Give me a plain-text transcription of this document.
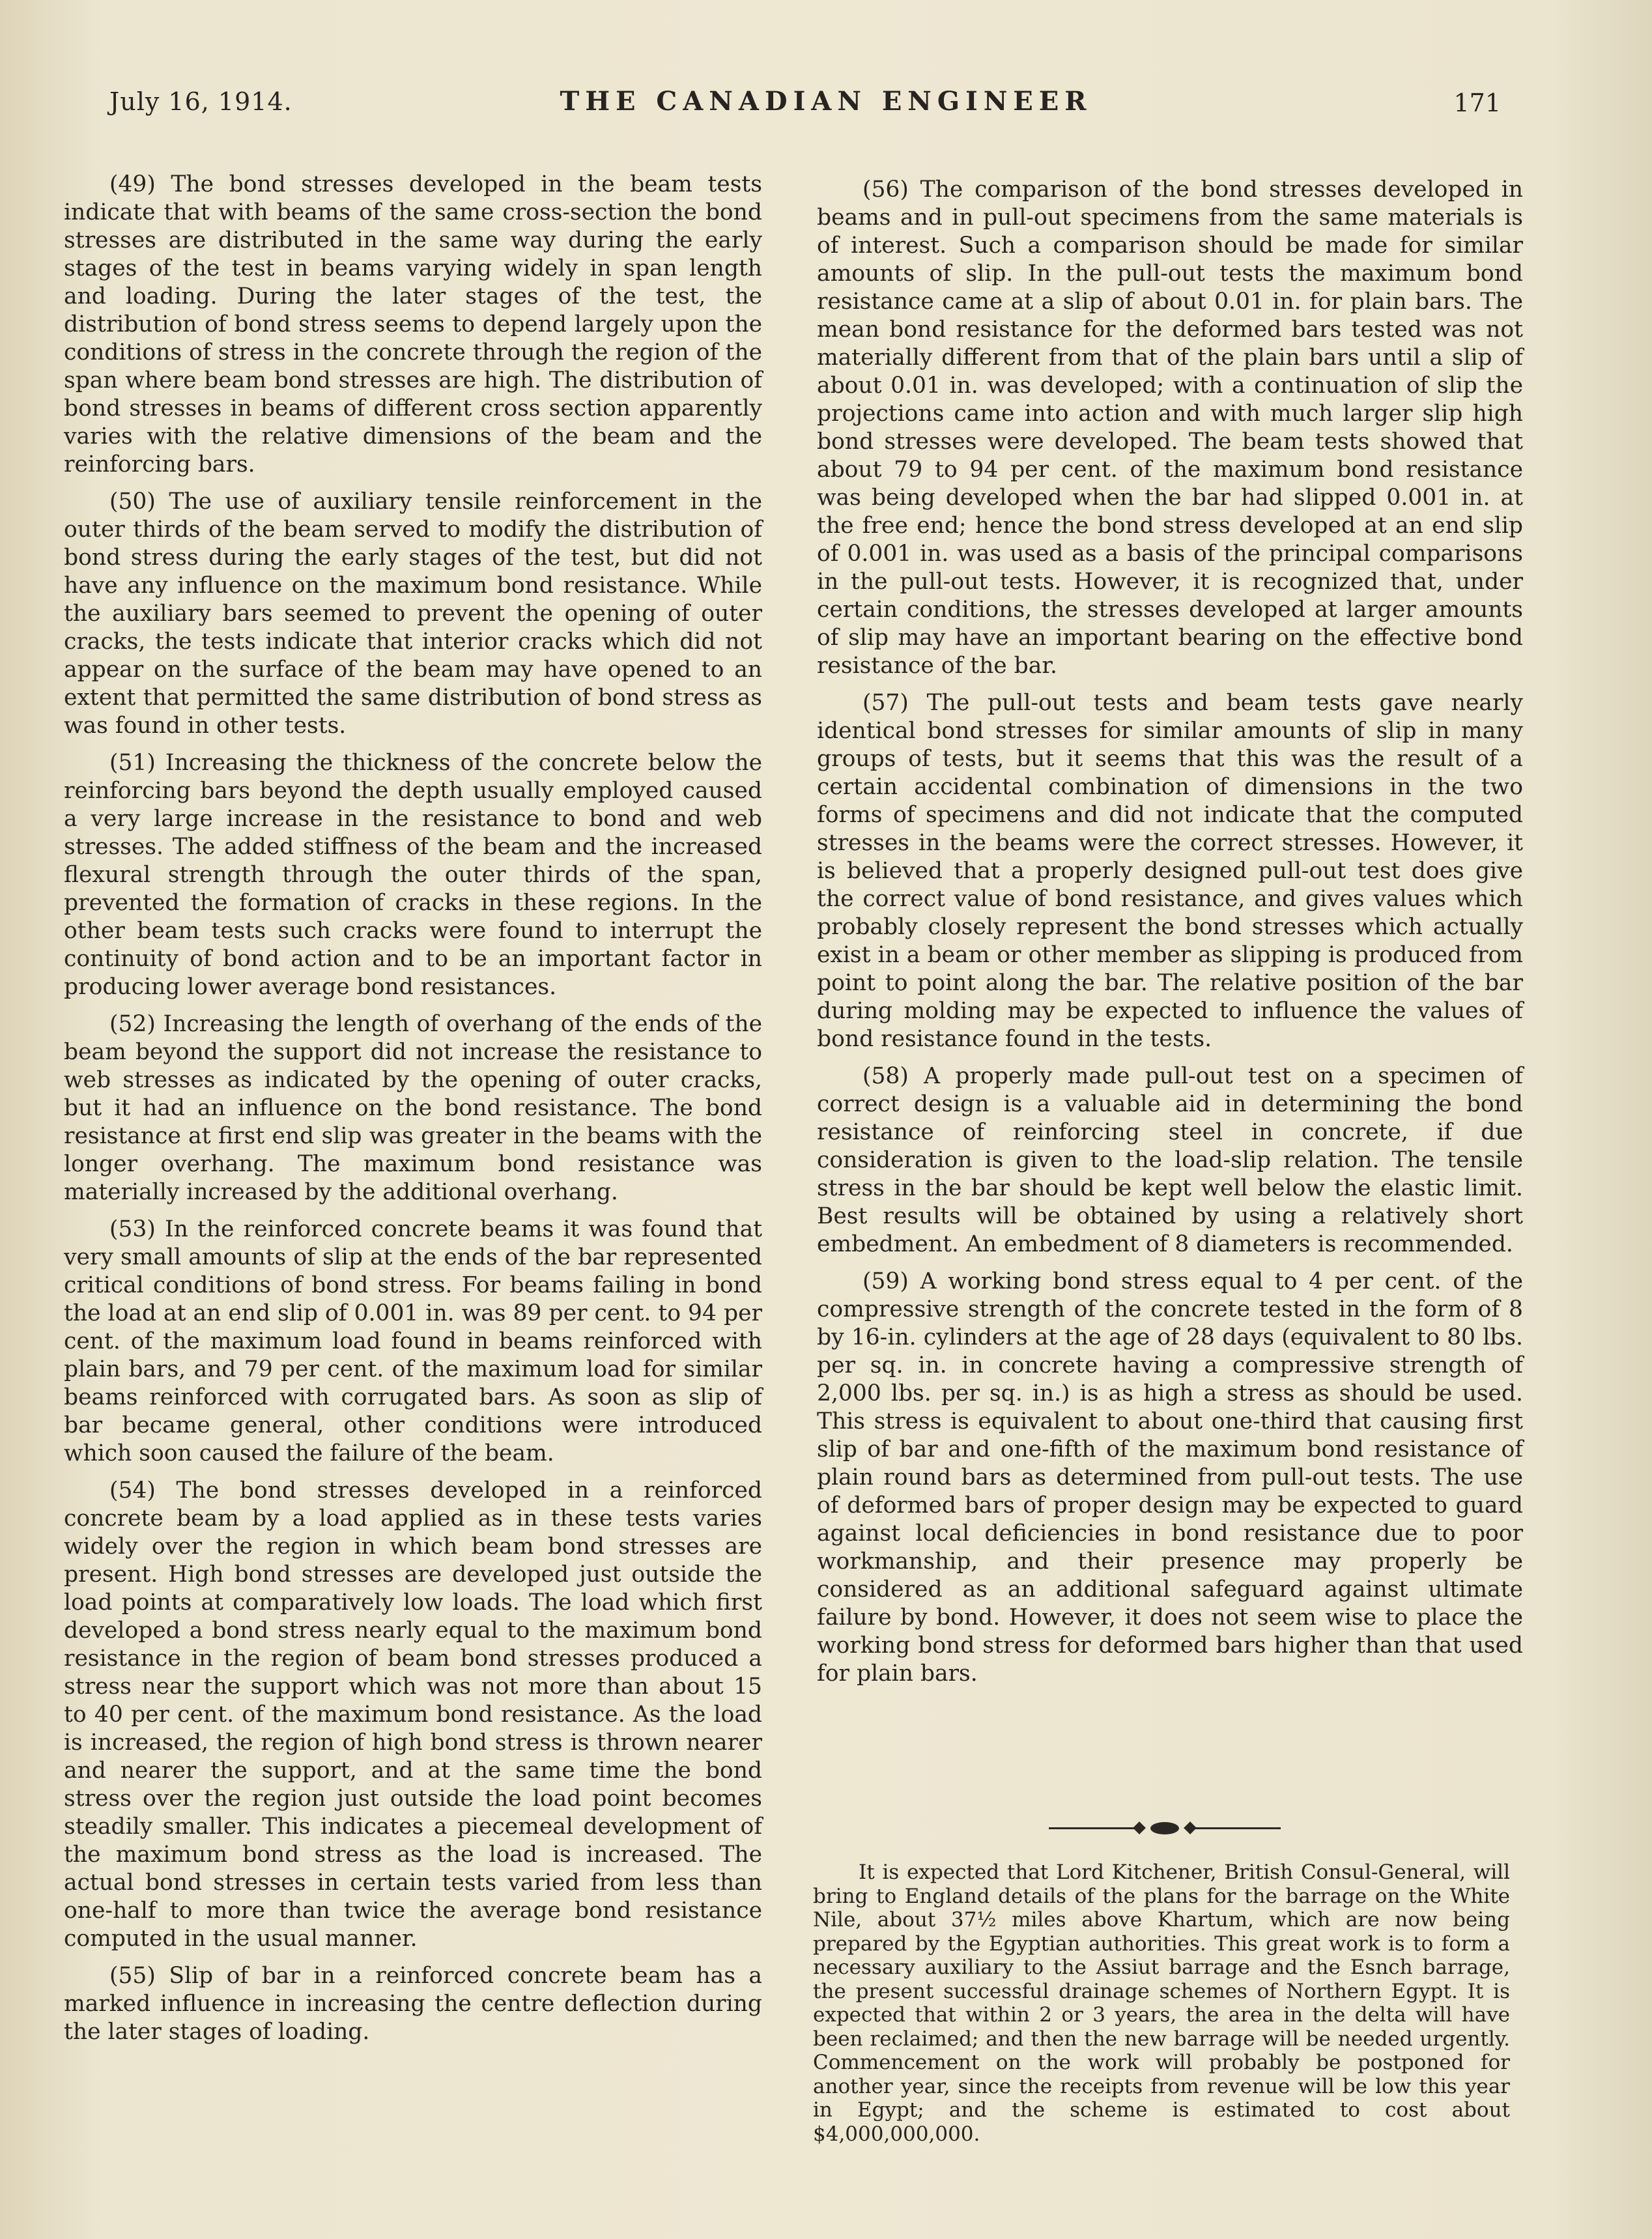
July 16, 1914.	THE CANADIAN ENGINEER	171

(49) The bond stresses developed in the beam tests indicate that with beams of the same cross-section the bond stresses are distributed in the same way during the early stages of the test in beams varying widely in span length and loading. During the later stages of the test, the distribution of bond stress seems to depend largely upon the conditions of stress in the concrete through the region of the span where beam bond stresses are high. The distribution of bond stresses in beams of different cross section apparently varies with the relative dimensions of the beam and the reinforcing bars.

(50) The use of auxiliary tensile reinforcement in the outer thirds of the beam served to modify the distribution of bond stress during the early stages of the test, but did not have any influence on the maximum bond resistance. While the auxiliary bars seemed to prevent the opening of outer cracks, the tests indicate that interior cracks which did not appear on the surface of the beam may have opened to an extent that permitted the same distribution of bond stress as was found in other tests.

(51) Increasing the thickness of the concrete below the reinforcing bars beyond the depth usually employed caused a very large increase in the resistance to bond and web stresses. The added stiffness of the beam and the increased flexural strength through the outer thirds of the span, prevented the formation of cracks in these regions. In the other beam tests such cracks were found to interrupt the continuity of bond action and to be an important factor in producing lower average bond resistances.

(52) Increasing the length of overhang of the ends of the beam beyond the support did not increase the resistance to web stresses as indicated by the opening of outer cracks, but it had an influence on the bond resistance. The bond resistance at first end slip was greater in the beams with the longer overhang. The maximum bond resistance was materially increased by the additional overhang.

(53) In the reinforced concrete beams it was found that very small amounts of slip at the ends of the bar represented critical conditions of bond stress. For beams failing in bond the load at an end slip of 0.001 in. was 89 per cent. to 94 per cent. of the maximum load found in beams reinforced with plain bars, and 79 per cent. of the maximum load for similar beams reinforced with corrugated bars. As soon as slip of bar became general, other conditions were introduced which soon caused the failure of the beam.

(54) The bond stresses developed in a reinforced concrete beam by a load applied as in these tests varies widely over the region in which beam bond stresses are present. High bond stresses are developed just outside the load points at comparatively low loads. The load which first developed a bond stress nearly equal to the maximum bond resistance in the region of beam bond stresses produced a stress near the support which was not more than about 15 to 40 per cent. of the maximum bond resistance. As the load is increased, the region of high bond stress is thrown nearer and nearer the support, and at the same time the bond stress over the region just outside the load point becomes steadily smaller. This indicates a piecemeal development of the maximum bond stress as the load is increased. The actual bond stresses in certain tests varied from less than one-half to more than twice the average bond resistance computed in the usual manner.

(55) Slip of bar in a reinforced concrete beam has a marked influence in increasing the centre deflection during the later stages of loading.

(56) The comparison of the bond stresses developed in beams and in pull-out specimens from the same materials is of interest. Such a comparison should be made for similar amounts of slip. In the pull-out tests the maximum bond resistance came at a slip of about 0.01 in. for plain bars. The mean bond resistance for the deformed bars tested was not materially different from that of the plain bars until a slip of about 0.01 in. was developed; with a continuation of slip the projections came into action and with much larger slip high bond stresses were developed. The beam tests showed that about 79 to 94 per cent. of the maximum bond resistance was being developed when the bar had slipped 0.001 in. at the free end; hence the bond stress developed at an end slip of 0.001 in. was used as a basis of the principal comparisons in the pull-out tests. However, it is recognized that, under certain conditions, the stresses developed at larger amounts of slip may have an important bearing on the effective bond resistance of the bar.

(57) The pull-out tests and beam tests gave nearly identical bond stresses for similar amounts of slip in many groups of tests, but it seems that this was the result of a certain accidental combination of dimensions in the two forms of specimens and did not indicate that the computed stresses in the beams were the correct stresses. However, it is believed that a properly designed pull-out test does give the correct value of bond resistance, and gives values which probably closely represent the bond stresses which actually exist in a beam or other member as slipping is produced from point to point along the bar. The relative position of the bar during molding may be expected to influence the values of bond resistance found in the tests.

(58) A properly made pull-out test on a specimen of correct design is a valuable aid in determining the bond resistance of reinforcing steel in concrete, if due consideration is given to the load-slip relation. The tensile stress in the bar should be kept well below the elastic limit. Best results will be obtained by using a relatively short embedment. An embedment of 8 diameters is recommended.

(59) A working bond stress equal to 4 per cent. of the compressive strength of the concrete tested in the form of 8 by 16-in. cylinders at the age of 28 days (equivalent to 80 lbs. per sq. in. in concrete having a compressive strength of 2,000 lbs. per sq. in.) is as high a stress as should be used. This stress is equivalent to about one-third that causing first slip of bar and one-fifth of the maximum bond resistance of plain round bars as determined from pull-out tests. The use of deformed bars of proper design may be expected to guard against local deficiencies in bond resistance due to poor workmanship, and their presence may properly be considered as an additional safeguard against ultimate failure by bond. However, it does not seem wise to place the working bond stress for deformed bars higher than that used for plain bars.

It is expected that Lord Kitchener, British Consul-General, will bring to England details of the plans for the barrage on the White Nile, about 37½ miles above Khartum, which are now being prepared by the Egyptian authorities. This great work is to form a necessary auxiliary to the Assiut barrage and the Esnch barrage, the present successful drainage schemes of Northern Egypt. It is expected that within 2 or 3 years, the area in the delta will have been reclaimed; and then the new barrage will be needed urgently. Commencement on the work will probably be postponed for another year, since the receipts from revenue will be low this year in Egypt; and the scheme is estimated to cost about $4,000,000,000.
